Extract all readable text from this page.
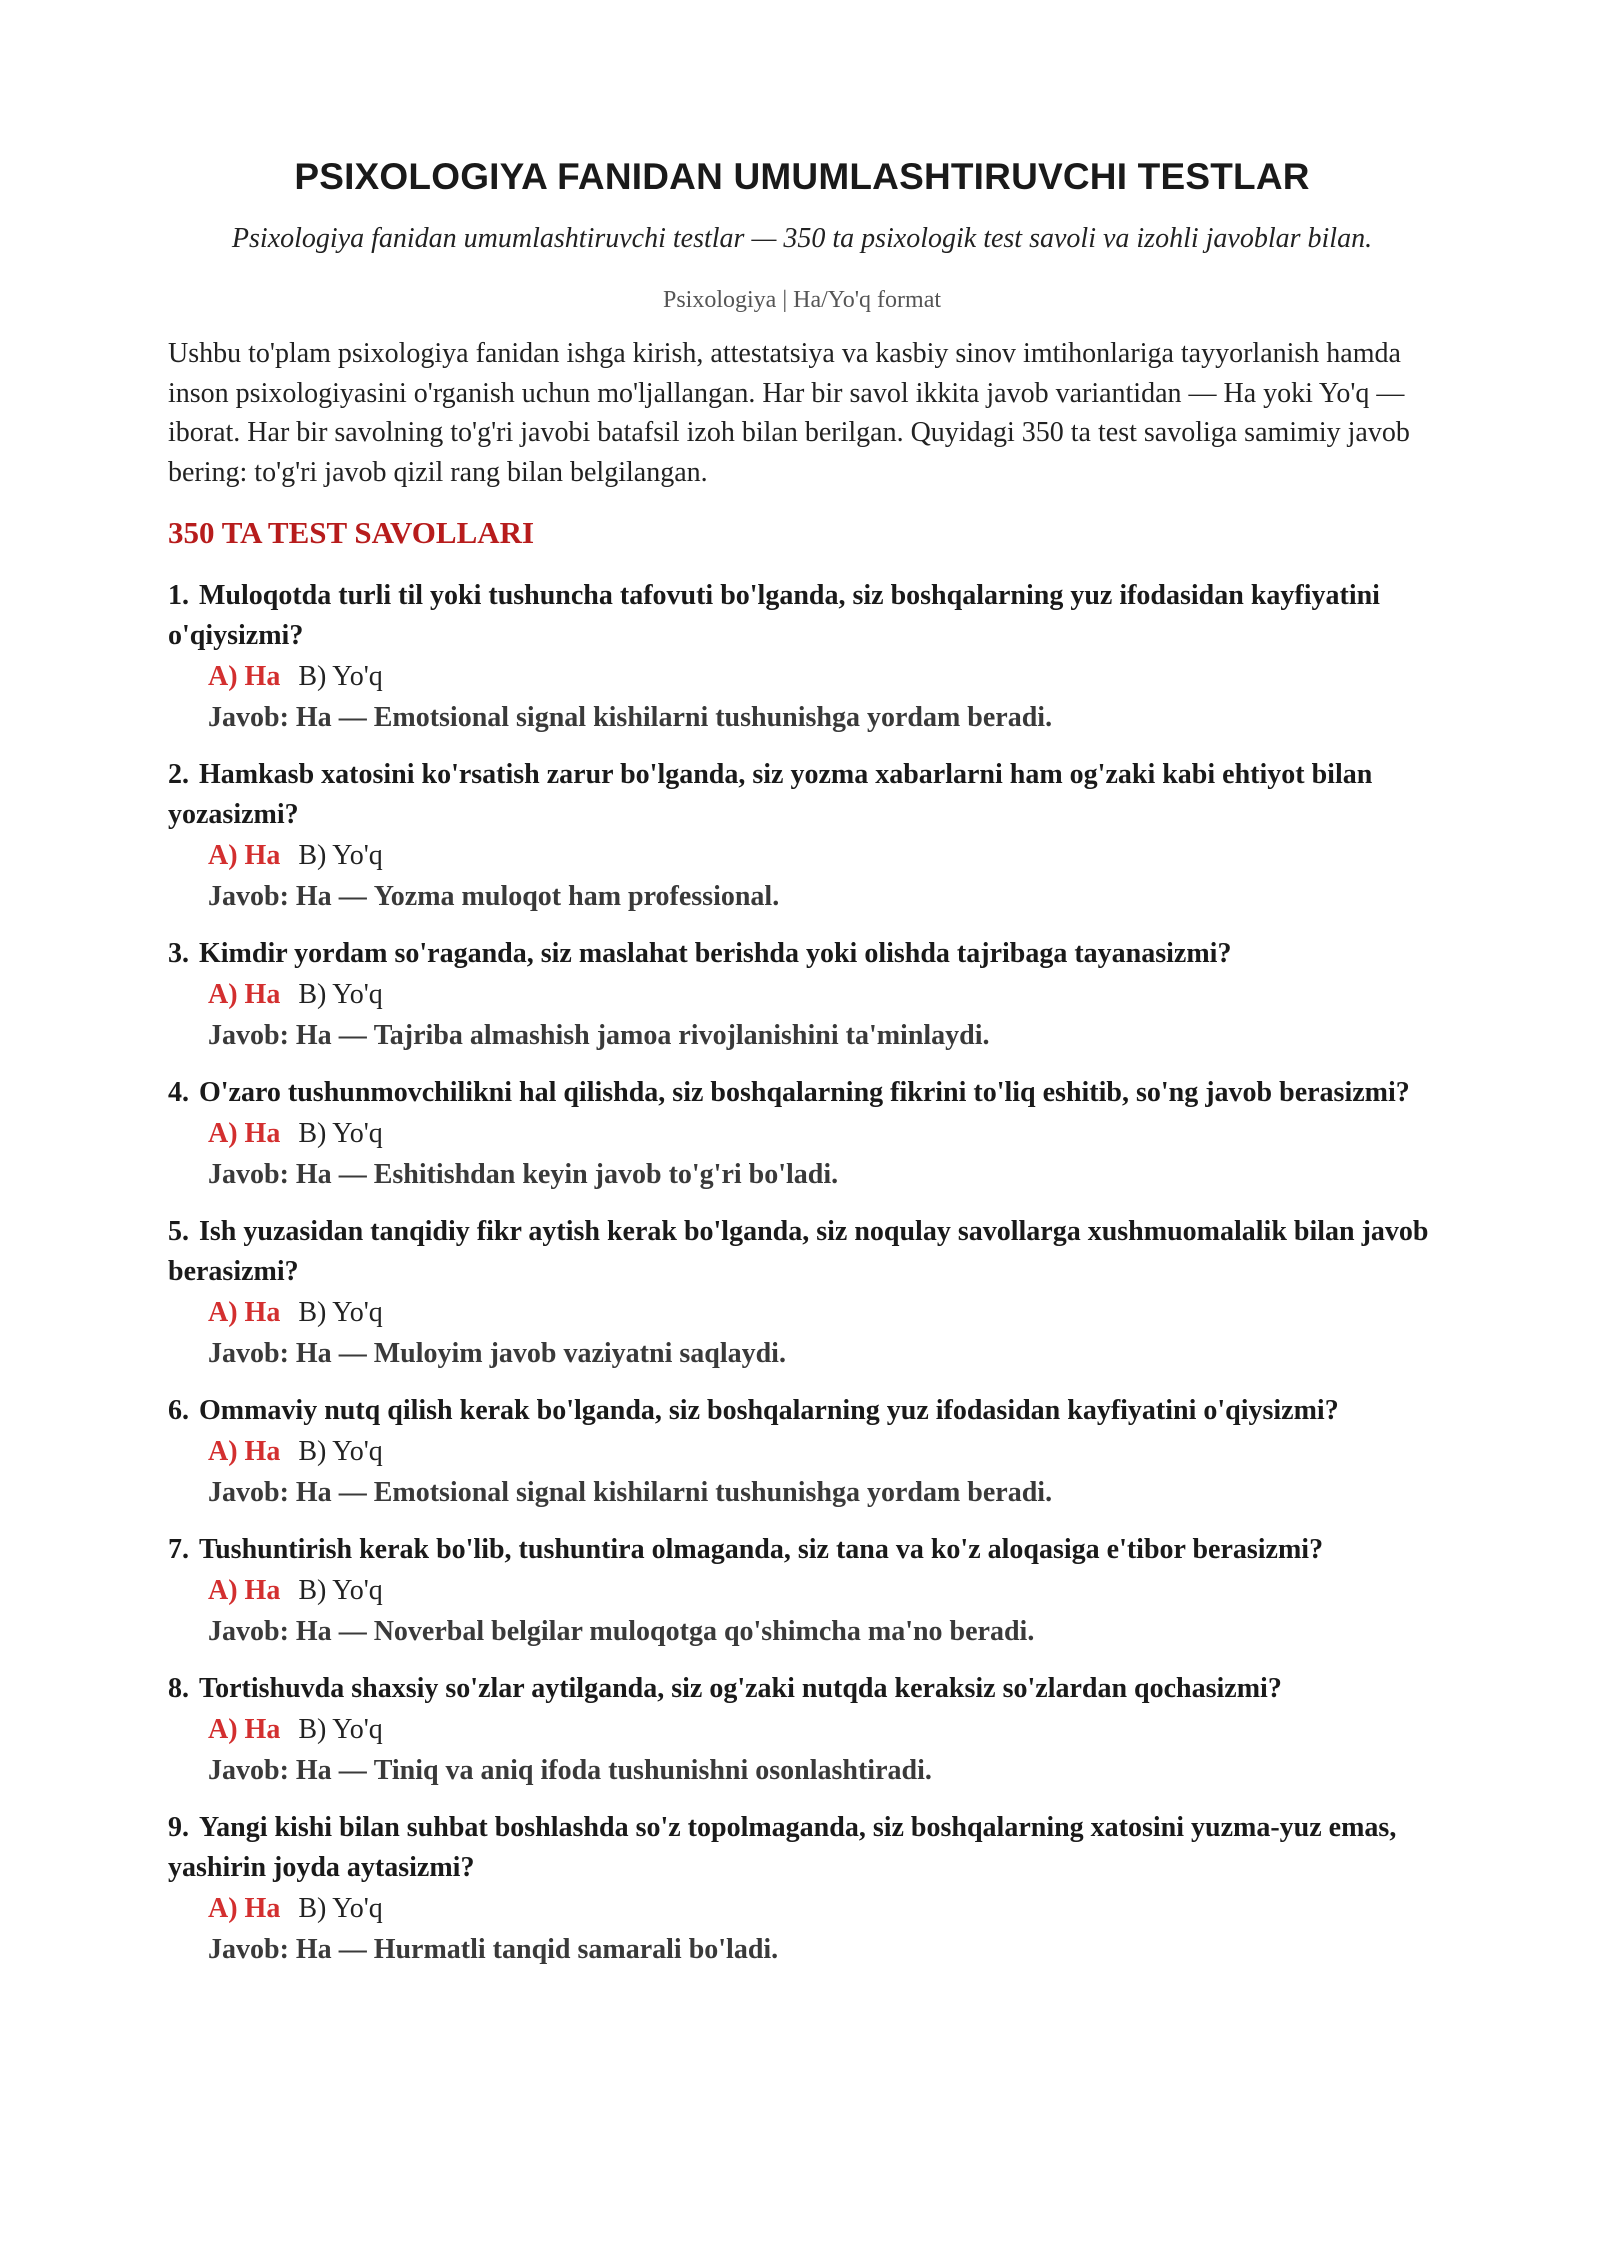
PSIXOLOGIYA FANIDAN UMUMLASHTIRUVCHI TESTLAR

Psixologiya fanidan umumlashtiruvchi testlar — 350 ta psixologik test savoli va izohli javoblar bilan.

Psixologiya | Ha/Yo'q format

Ushbu to'plam psixologiya fanidan ishga kirish, attestatsiya va kasbiy sinov imtihonlariga tayyorlanish hamda inson psixologiyasini o'rganish uchun mo'ljallangan. Har bir savol ikkita javob variantidan — Ha yoki Yo'q — iborat. Har bir savolning to'g'ri javobi batafsil izoh bilan berilgan. Quyidagi 350 ta test savoliga samimiy javob bering: to'g'ri javob qizil rang bilan belgilangan.

350 TA TEST SAVOLLARI
1. Muloqotda turli til yoki tushuncha tafovuti bo'lganda, siz boshqalarning yuz ifodasidan kayfiyatini o'qiysizmi?
A) Ha B) Yo'q
Javob: Ha — Emotsional signal kishilarni tushunishga yordam beradi.
2. Hamkasb xatosini ko'rsatish zarur bo'lganda, siz yozma xabarlarni ham og'zaki kabi ehtiyot bilan yozasizmi?
A) Ha B) Yo'q
Javob: Ha — Yozma muloqot ham professional.
3. Kimdir yordam so'raganda, siz maslahat berishda yoki olishda tajribaga tayanasizmi?
A) Ha B) Yo'q
Javob: Ha — Tajriba almashish jamoa rivojlanishini ta'minlaydi.
4. O'zaro tushunmovchilikni hal qilishda, siz boshqalarning fikrini to'liq eshitib, so'ng javob berasizmi?
A) Ha B) Yo'q
Javob: Ha — Eshitishdan keyin javob to'g'ri bo'ladi.
5. Ish yuzasidan tanqidiy fikr aytish kerak bo'lganda, siz noqulay savollarga xushmuomalalik bilan javob berasizmi?
A) Ha B) Yo'q
Javob: Ha — Muloyim javob vaziyatni saqlaydi.
6. Ommaviy nutq qilish kerak bo'lganda, siz boshqalarning yuz ifodasidan kayfiyatini o'qiysizmi?
A) Ha B) Yo'q
Javob: Ha — Emotsional signal kishilarni tushunishga yordam beradi.
7. Tushuntirish kerak bo'lib, tushuntira olmaganda, siz tana va ko'z aloqasiga e'tibor berasizmi?
A) Ha B) Yo'q
Javob: Ha — Noverbal belgilar muloqotga qo'shimcha ma'no beradi.
8. Tortishuvda shaxsiy so'zlar aytilganda, siz og'zaki nutqda keraksiz so'zlardan qochasizmi?
A) Ha B) Yo'q
Javob: Ha — Tiniq va aniq ifoda tushunishni osonlashtiradi.
9. Yangi kishi bilan suhbat boshlashda so'z topolmaganda, siz boshqalarning xatosini yuzma-yuz emas, yashirin joyda aytasizmi?
A) Ha B) Yo'q
Javob: Ha — Hurmatli tanqid samarali bo'ladi.
